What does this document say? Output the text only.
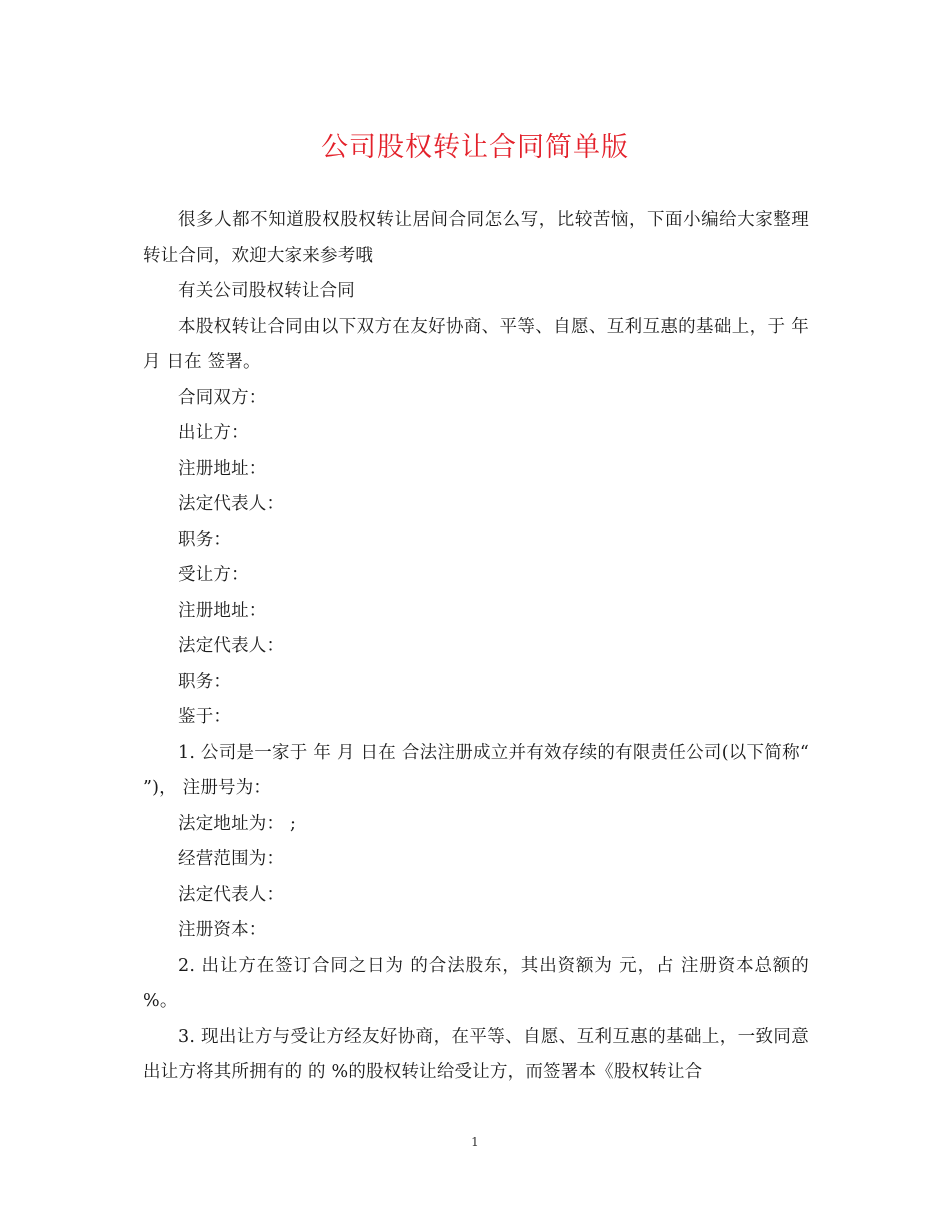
公司股权转让合同简单版

很多人都不知道股权股权转让居间合同怎么写，比较苦恼，下面小编给大家整理转让合同，欢迎大家来参考哦

有关公司股权转让合同

本股权转让合同由以下双方在友好协商、平等、自愿、互利互惠的基础上，于 年 月 日在 签署。

合同双方：

出让方：

注册地址：

法定代表人：

职务：

受让方：

注册地址：

法定代表人：

职务：

鉴于：

1. 公司是一家于 年 月 日在 合法注册成立并有效存续的有限责任公司(以下简称“ ”)， 注册号为：

法定地址为： ;

经营范围为：

法定代表人：

注册资本：

2. 出让方在签订合同之日为 的合法股东，其出资额为 元，占 注册资本总额的 %。

3. 现出让方与受让方经友好协商，在平等、自愿、互利互惠的基础上，一致同意出让方将其所拥有的 的 %的股权转让给受让方，而签署本《股权转让合

1
